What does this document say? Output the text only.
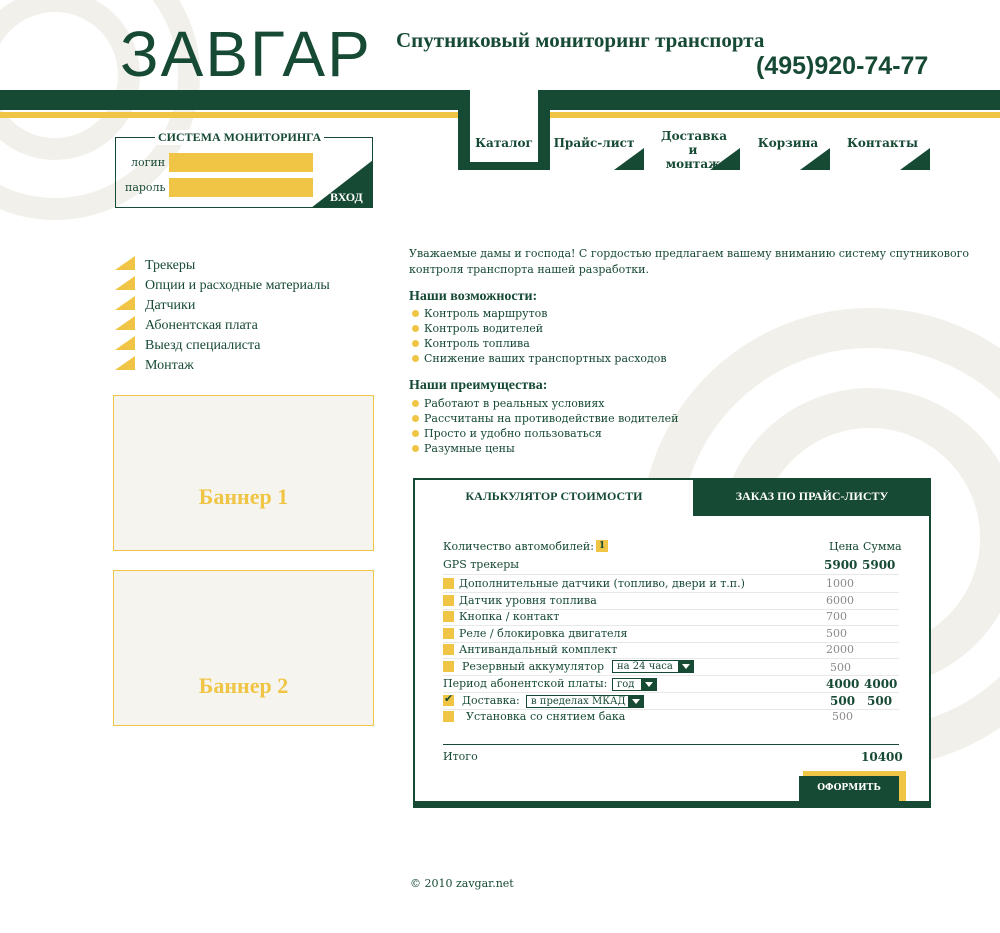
ЗАВГАР Спутниковый мониторинг транспорта
(495)920-74-77
Каталог	Прайс-лист Доставка и монтаж
Корзина	Контакты
СИСТЕМА МОНИТОРИНГА
логин
пароль
ВХОД
Трекеры
Опции и расходные материалы
Датчики
Абонентская плата
Выезд специалиста
Монтаж
Баннер 1
Баннер 2
Уважаемые дамы и господа! С гордостью предлагаем вашему вниманию систему спутникового контроля транспорта нашей разработки.
Наши возможности:
Контроль маршрутов
Контроль водителей
Контроль топлива
Снижение ваших транспортных расходов
Наши преимущества:
Работают в реальных условиях
Рассчитаны на противодействие водителей
Просто и удобно пользоваться
Разумные цены
КАЛЬКУЛЯТОР СТОИМОСТИ	ЗАКАЗ ПО ПРАЙС-ЛИСТУ
Количество автомобилей: 1	Цена Сумма
GPS трекеры	5900 5900
Дополнительные датчики (топливо, двери и т.п.)	1000
Датчик уровня топлива	6000
Кнопка / контакт	700
Реле / блокировка двигателя	500
Антивандальный комплект	2000
Резервный аккумулятор	на 24 часа	500
Период абонентской платы: год	4000 4000
✔ Доставка:	в пределах МКАД	500 500
Установка со снятием бака	500
Итого	10400
ОФОРМИТЬ ЗАКАЗ
© 2010 zavgar.net
